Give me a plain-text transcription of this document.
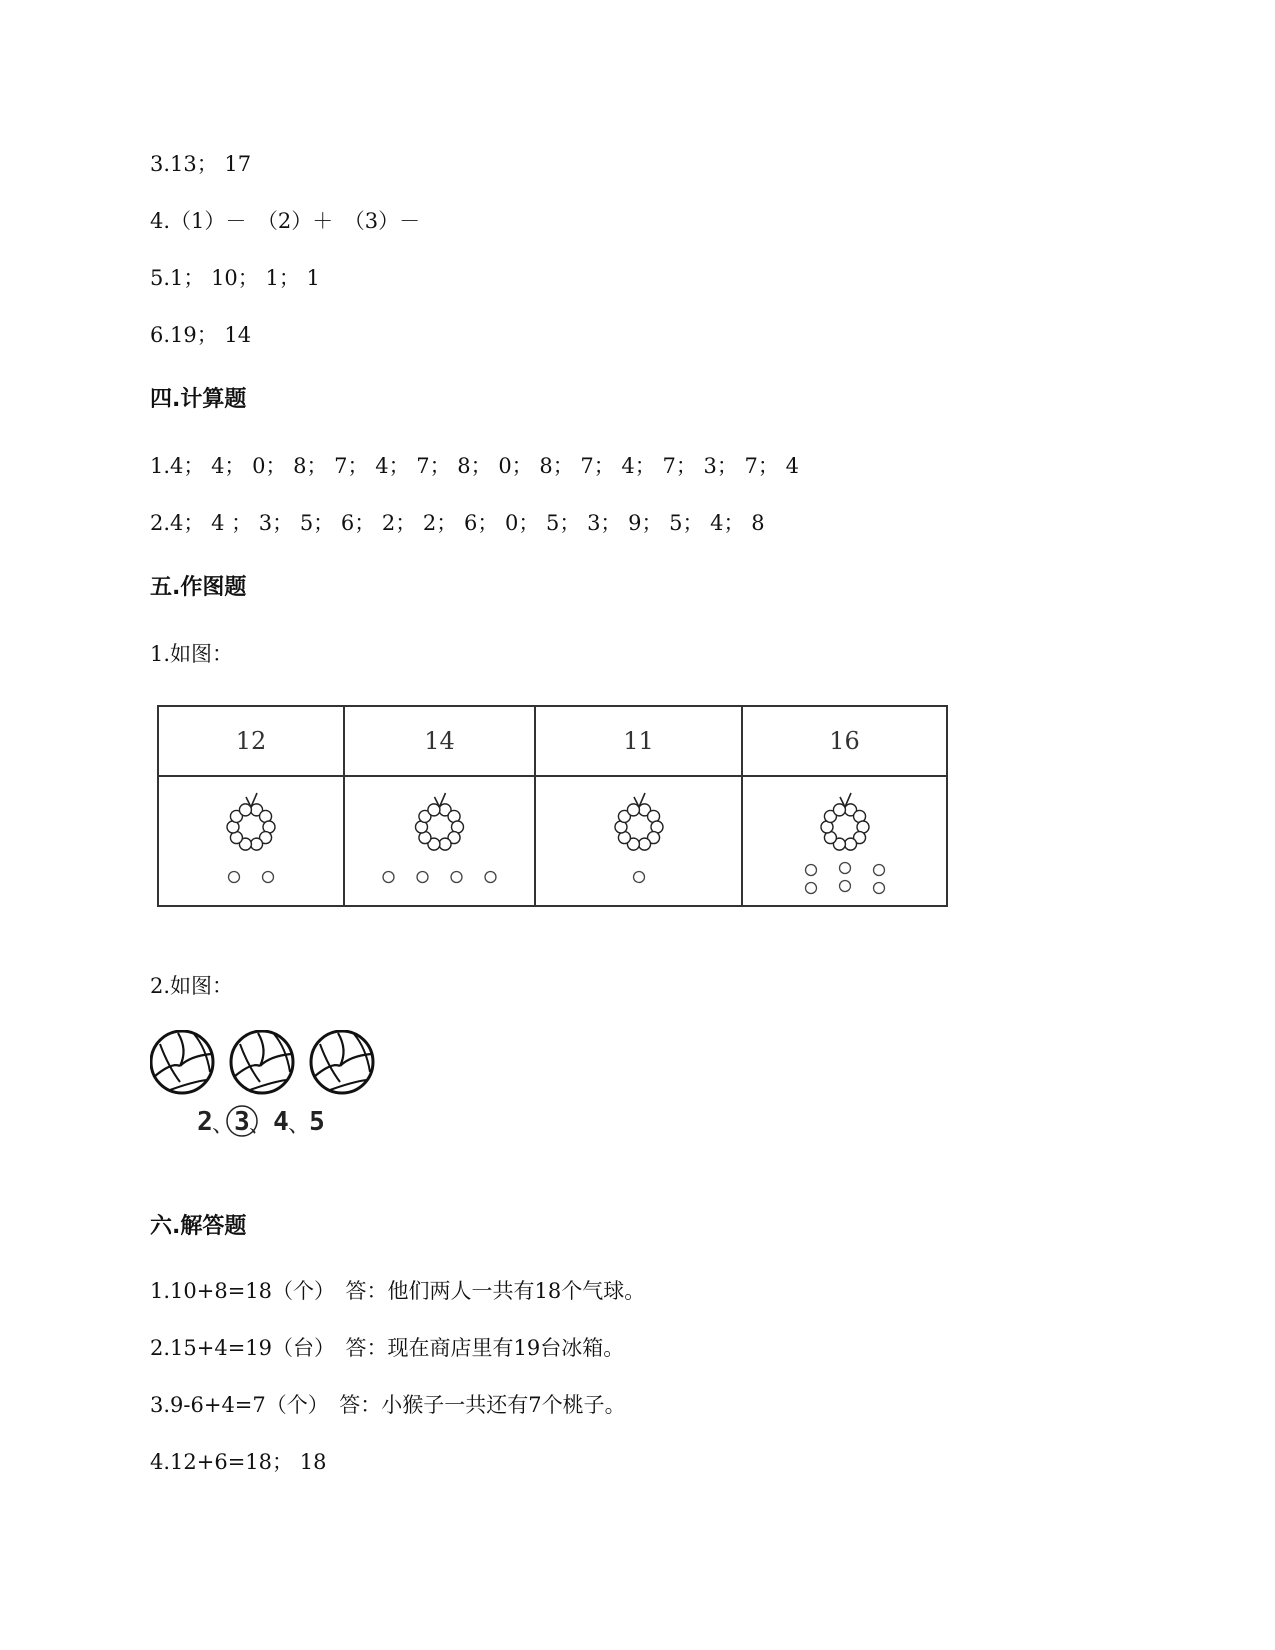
3.13； 17
4.（1）－　（2）＋　（3）－
5.1； 10； 1； 1
6.19； 14
四.计算题
1.4； 4； 0； 8； 7； 4； 7； 8； 0； 8； 7； 4； 7； 3； 7； 4
2.4； 4 ； 3； 5； 6； 2； 2； 6； 0； 5； 3； 9； 5； 4； 8
五.作图题
1.如图：
12	14	11	16

2.如图：
2 、 3 、 4 、 5
六.解答题
1.10+8=18（个）　答：他们两人一共有18个气球。
2.15+4=19（台）　答：现在商店里有19台冰箱。
3.9-6+4=7（个）　答：小猴子一共还有7个桃子。
4.12+6=18； 18
